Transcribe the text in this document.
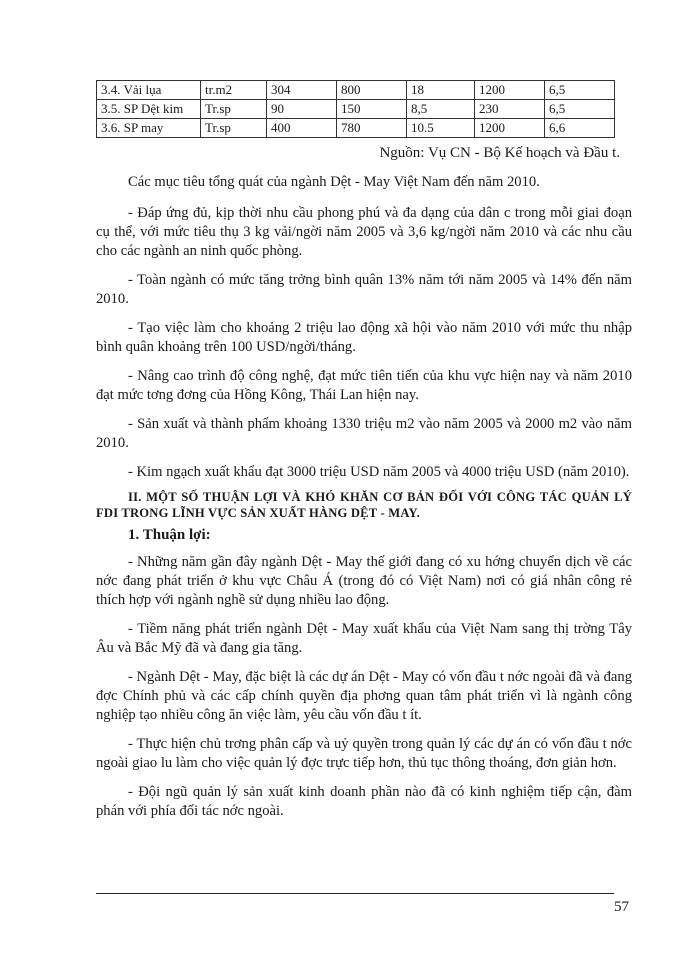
3.4. Vải lụa	tr.m2	304	800	18	1200	6,5
3.5. SP Dệt kim	Tr.sp	90	150	8,5	230	6,5
3.6. SP may	Tr.sp	400	780	10.5	1200	6,6
Nguồn: Vụ CN - Bộ Kế hoạch và Đầu t.

Các mục tiêu tổng quát của ngành Dệt - May Việt Nam đến năm 2010.

- Đáp ứng đủ, kịp thời nhu cầu phong phú và đa dạng của dân c trong mỗi giai đoạn cụ thể, với mức tiêu thụ 3 kg vải/ngời năm 2005 và 3,6 kg/ngời năm 2010 và các nhu cầu cho các ngành an ninh quốc phòng.

- Toàn ngành có mức tăng trởng bình quân 13% năm tới năm 2005 và 14% đến năm 2010.

- Tạo việc làm cho khoảng 2 triệu lao động xã hội vào năm 2010 với mức thu nhập bình quân khoảng trên 100 USD/ngời/tháng.

- Nâng cao trình độ công nghệ, đạt mức tiên tiến của khu vực hiện nay và năm 2010 đạt mức tơng đơng của Hồng Kông, Thái Lan hiện nay.

- Sản xuất và thành phẩm khoảng 1330 triệu m2 vào năm 2005 và 2000 m2 vào năm 2010.

- Kim ngạch xuất khẩu đạt 3000 triệu USD năm 2005 và 4000 triệu USD (năm 2010).

II. MỘT SỐ THUẬN LỢI VÀ KHÓ KHĂN CƠ BẢN ĐỐI VỚI CÔNG TÁC QUẢN LÝ FDI TRONG LĨNH VỰC SẢN XUẤT HÀNG DỆT - MAY.
1. Thuận lợi:

- Những năm gần đây ngành Dệt - May thế giới đang có xu hớng chuyển dịch về các nớc đang phát triển ở khu vực Châu Á (trong đó có Việt Nam) nơi có giá nhân công rẻ thích hợp với ngành nghề sử dụng nhiều lao động.

- Tiềm năng phát triển ngành Dệt - May xuất khẩu của Việt Nam sang thị trờng Tây Âu và Bắc Mỹ đã và đang gia tăng.

- Ngành Dệt - May, đặc biệt là các dự án Dệt - May có vốn đầu t nớc ngoài đã và đang đợc Chính phủ và các cấp chính quyền địa phơng quan tâm phát triển vì là ngành công nghiệp tạo nhiều công ăn việc làm, yêu cầu vốn đầu t ít.

- Thực hiện chủ trơng phân cấp và uỷ quyền trong quản lý các dự án có vốn đầu t nớc ngoài giao lu làm cho việc quản lý đợc trực tiếp hơn, thủ tục thông thoáng, đơn giản hơn.

- Đội ngũ quản lý sản xuất kinh doanh phần nào đã có kinh nghiệm tiếp cận, đàm phán với phía đối tác nớc ngoài.

57
